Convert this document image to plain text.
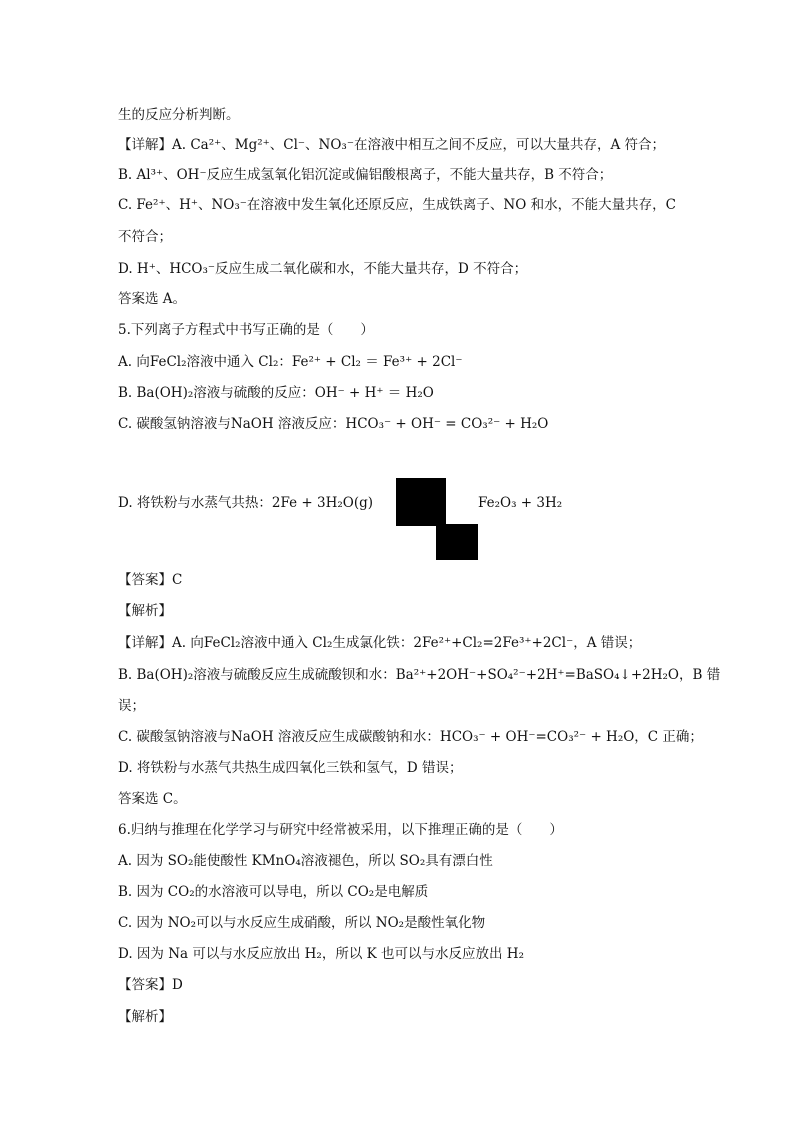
生的反应分析判断。
【详解】A. Ca²⁺、Mg²⁺、Cl⁻、NO₃⁻在溶液中相互之间不反应，可以大量共存，A 符合；
B. Al³⁺、OH⁻反应生成氢氧化铝沉淀或偏铝酸根离子，不能大量共存，B 不符合；
C. Fe²⁺、H⁺、NO₃⁻在溶液中发生氧化还原反应，生成铁离子、NO 和水，不能大量共存，C
不符合；
D. H⁺、HCO₃⁻反应生成二氧化碳和水，不能大量共存，D 不符合；
答案选 A。
5.下列离子方程式中书写正确的是（　　）
A. 向FeCl₂溶液中通入 Cl₂：Fe²⁺ + Cl₂ ＝ Fe³⁺ + 2Cl⁻
B. Ba(OH)₂溶液与硫酸的反应：OH⁻ + H⁺ ＝ H₂O
C. 碳酸氢钠溶液与NaOH 溶液反应：HCO₃⁻ + OH⁻ = CO₃²⁻ + H₂O
D. 将铁粉与水蒸气共热：2Fe + 3H₂O(g)	Fe₂O₃ + 3H₂
【答案】C
【解析】
【详解】A. 向FeCl₂溶液中通入 Cl₂生成氯化铁：2Fe²⁺+Cl₂=2Fe³⁺+2Cl⁻，A 错误；
B. Ba(OH)₂溶液与硫酸反应生成硫酸钡和水：Ba²⁺+2OH⁻+SO₄²⁻+2H⁺=BaSO₄↓+2H₂O，B 错
误；
C. 碳酸氢钠溶液与NaOH 溶液反应生成碳酸钠和水：HCO₃⁻ + OH⁻=CO₃²⁻ + H₂O，C 正确；
D. 将铁粉与水蒸气共热生成四氧化三铁和氢气，D 错误；
答案选 C。
6.归纳与推理在化学学习与研究中经常被采用，以下推理正确的是（　　）
A. 因为 SO₂能使酸性 KMnO₄溶液褪色，所以 SO₂具有漂白性
B. 因为 CO₂的水溶液可以导电，所以 CO₂是电解质
C. 因为 NO₂可以与水反应生成硝酸，所以 NO₂是酸性氧化物
D. 因为 Na 可以与水反应放出 H₂，所以 K 也可以与水反应放出 H₂
【答案】D
【解析】
